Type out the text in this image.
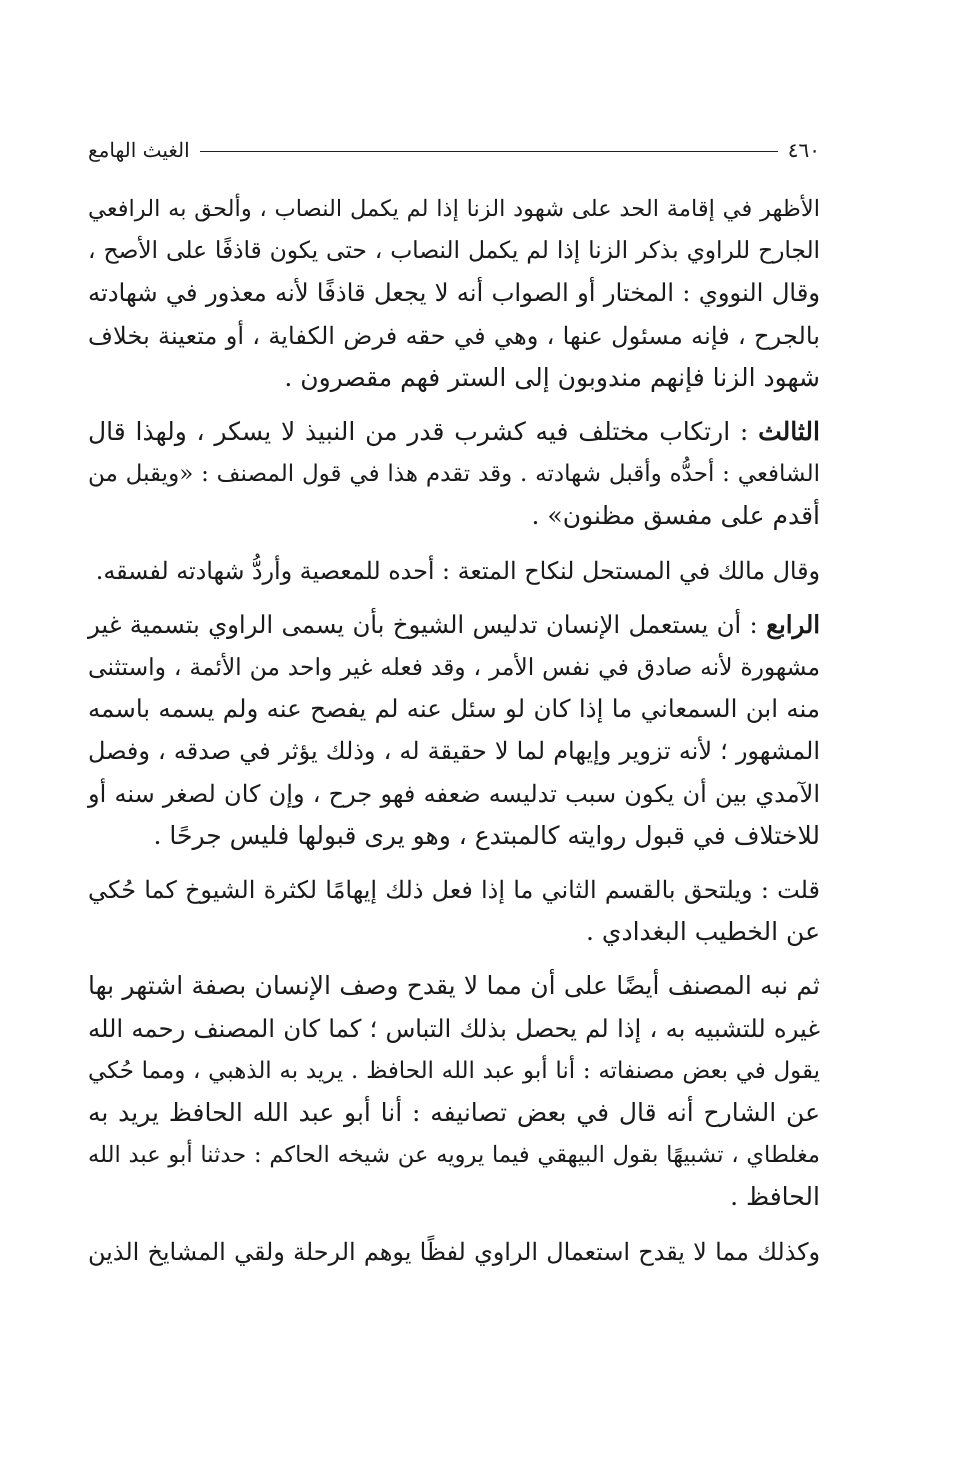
٤٦٠
الغيث الهامع
الأظهر في إقامة الحد على شهود الزنا إذا لم يكمل النصاب ، وألحق به الرافعي
الجارح للراوي بذكر الزنا إذا لم يكمل النصاب ، حتى يكون قاذفًا على الأصح ،
وقال النووي : المختار أو الصواب أنه لا يجعل قاذفًا لأنه معذور في شهادته
بالجرح ، فإنه مسئول عنها ، وهي في حقه فرض الكفاية ، أو متعينة بخلاف
شهود الزنا فإنهم مندوبون إلى الستر فهم مقصرون .
الثالث : ارتكاب مختلف فيه كشرب قدر من النبيذ لا يسكر ، ولهذا قال
الشافعي : أحدُّه وأقبل شهادته . وقد تقدم هذا في قول المصنف : «ويقبل من
أقدم على مفسق مظنون» .
وقال مالك في المستحل لنكاح المتعة : أحده للمعصية وأردُّ شهادته لفسقه.
الرابع : أن يستعمل الإنسان تدليس الشيوخ بأن يسمى الراوي بتسمية غير
مشهورة لأنه صادق في نفس الأمر ، وقد فعله غير واحد من الأئمة ، واستثنى
منه ابن السمعاني ما إذا كان لو سئل عنه لم يفصح عنه ولم يسمه باسمه
المشهور ؛ لأنه تزوير وإيهام لما لا حقيقة له ، وذلك يؤثر في صدقه ، وفصل
الآمدي بين أن يكون سبب تدليسه ضعفه فهو جرح ، وإن كان لصغر سنه أو
للاختلاف في قبول روايته كالمبتدع ، وهو يرى قبولها فليس جرحًا .
قلت : ويلتحق بالقسم الثاني ما إذا فعل ذلك إيهامًا لكثرة الشيوخ كما حُكي
عن الخطيب البغدادي .
ثم نبه المصنف أيضًا على أن مما لا يقدح وصف الإنسان بصفة اشتهر بها
غيره للتشبيه به ، إذا لم يحصل بذلك التباس ؛ كما كان المصنف رحمه الله
يقول في بعض مصنفاته : أنا أبو عبد الله الحافظ . يريد به الذهبي ، ومما حُكي
عن الشارح أنه قال في بعض تصانيفه : أنا أبو عبد الله الحافظ يريد به
مغلطاي ، تشبيهًا بقول البيهقي فيما يرويه عن شيخه الحاكم : حدثنا أبو عبد الله
الحافظ .
وكذلك مما لا يقدح استعمال الراوي لفظًا يوهم الرحلة ولقي المشايخ الذين
